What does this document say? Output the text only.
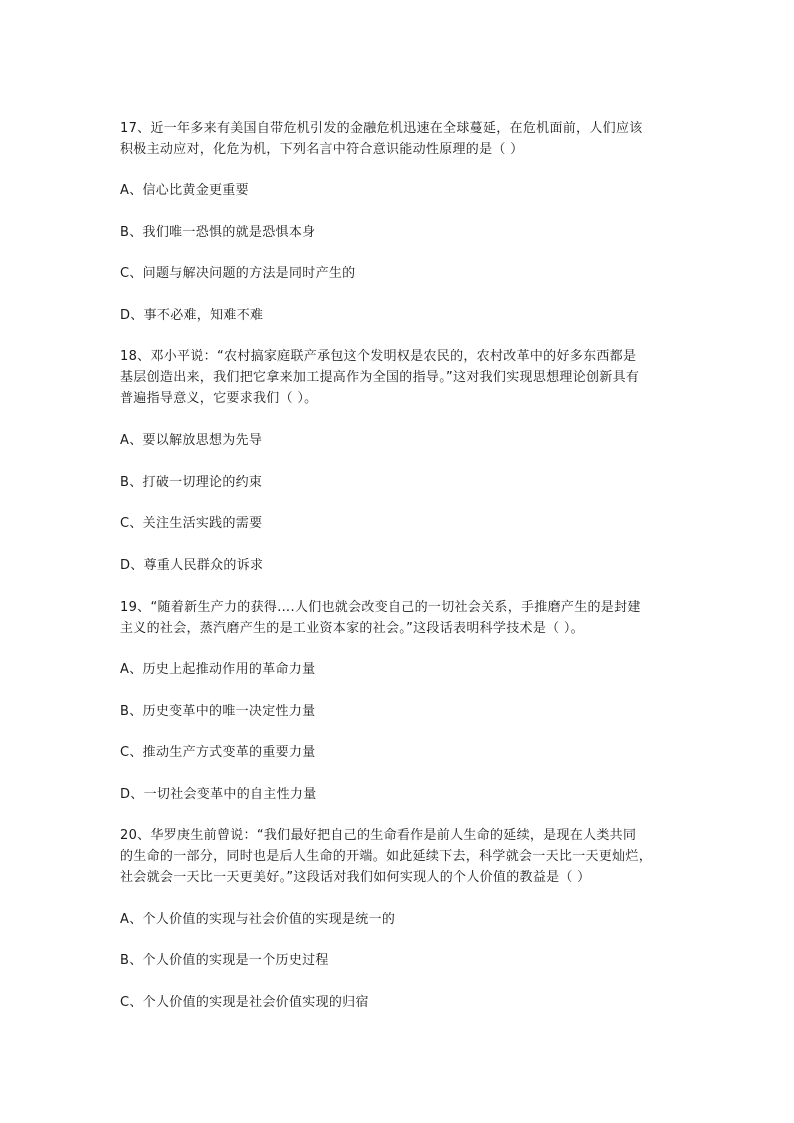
17、近一年多来有美国自带危机引发的金融危机迅速在全球蔓延，在危机面前，人们应该

积极主动应对，化危为机，下列名言中符合意识能动性原理的是（ ）

A、信心比黄金更重要
B、我们唯一恐惧的就是恐惧本身
C、问题与解决问题的方法是同时产生的
D、事不必难，知难不难

18、邓小平说：“农村搞家庭联产承包这个发明权是农民的，农村改革中的好多东西都是

基层创造出来，我们把它拿来加工提高作为全国的指导。”这对我们实现思想理论创新具有

普遍指导意义，它要求我们（ ）。

A、要以解放思想为先导
B、打破一切理论的约束
C、关注生活实践的需要
D、尊重人民群众的诉求

19、“随着新生产力的获得….人们也就会改变自己的一切社会关系，手推磨产生的是封建

主义的社会，蒸汽磨产生的是工业资本家的社会。”这段话表明科学技术是（ ）。

A、历史上起推动作用的革命力量
B、历史变革中的唯一决定性力量
C、推动生产方式变革的重要力量
D、一切社会变革中的自主性力量

20、华罗庚生前曾说：“我们最好把自己的生命看作是前人生命的延续，是现在人类共同

的生命的一部分，同时也是后人生命的开端。如此延续下去，科学就会一天比一天更灿烂，

社会就会一天比一天更美好。”这段话对我们如何实现人的个人价值的教益是（ ）

A、个人价值的实现与社会价值的实现是统一的
B、个人价值的实现是一个历史过程
C、个人价值的实现是社会价值实现的归宿
